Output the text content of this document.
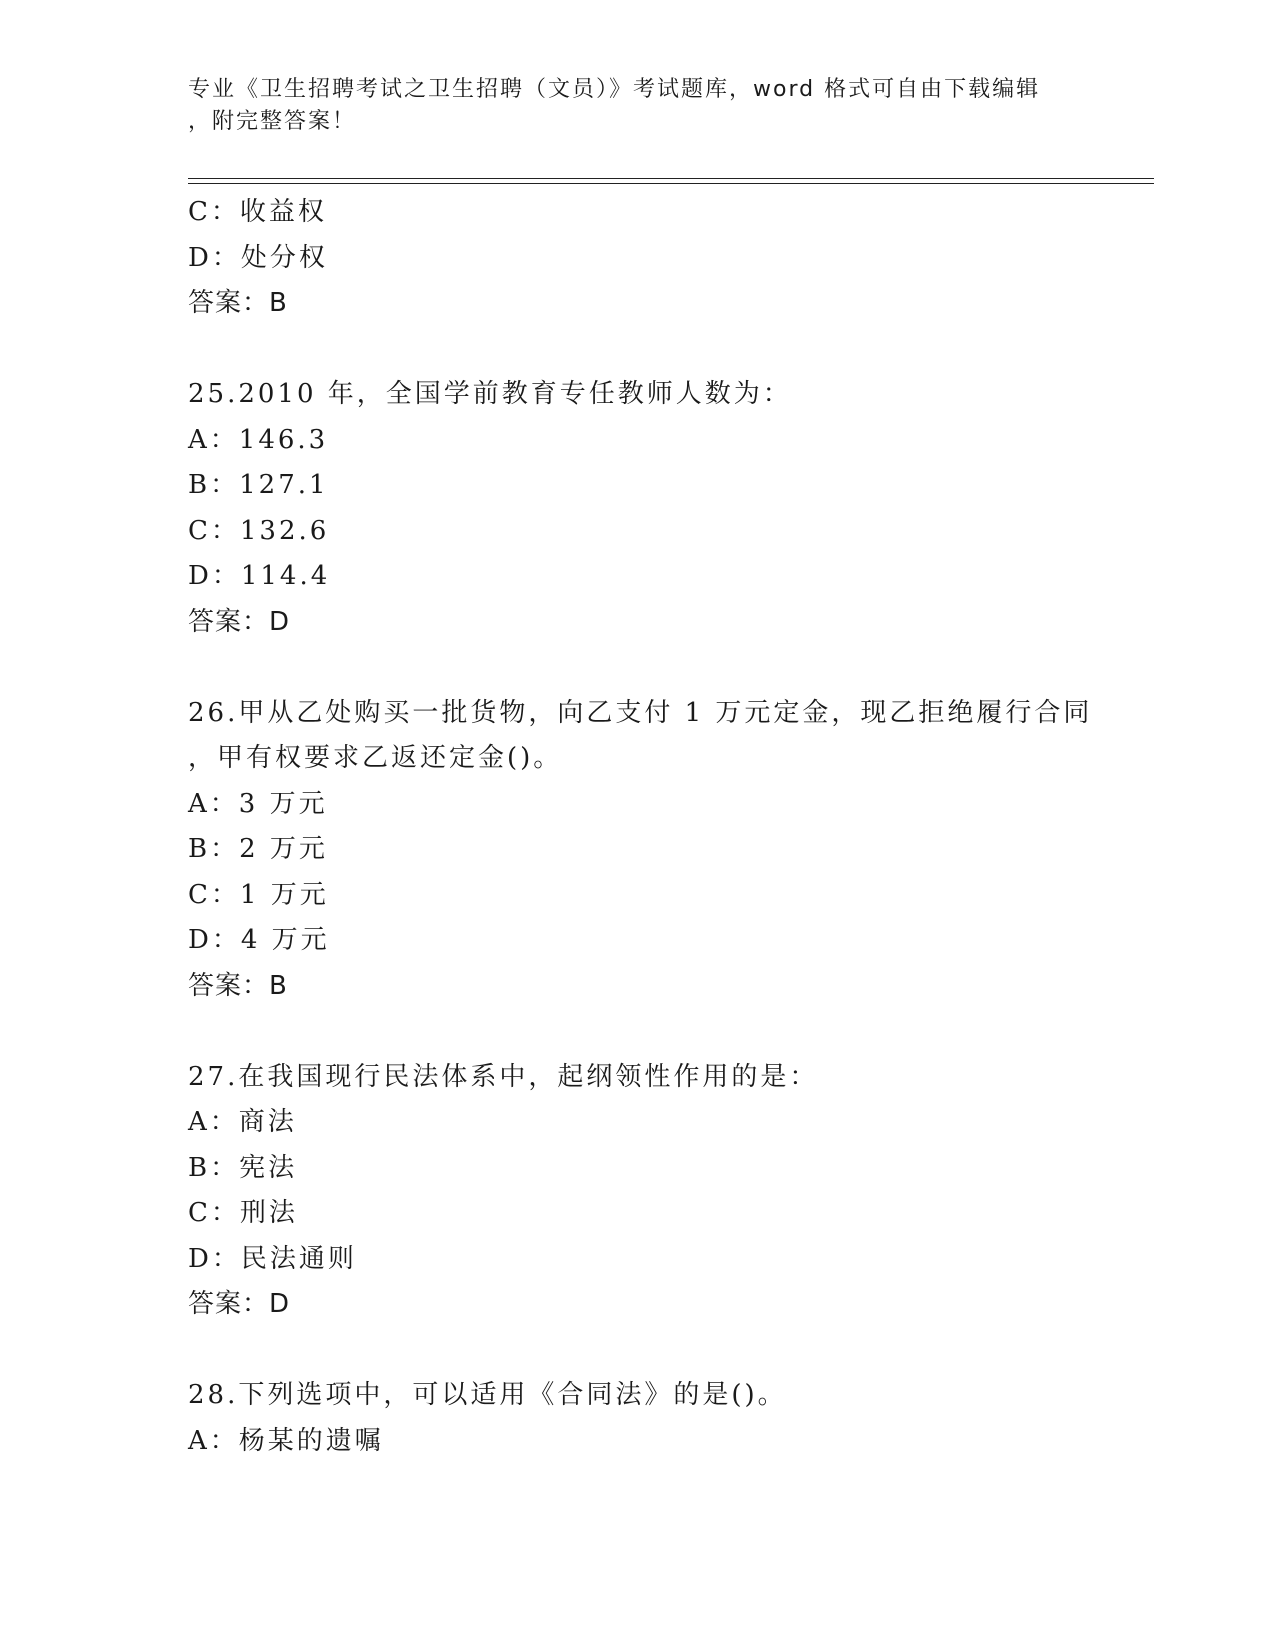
专业《卫生招聘考试之卫生招聘（文员）》考试题库，word 格式可自由下载编辑
，附完整答案！
C：收益权
D：处分权
答案：B
25.2010 年，全国学前教育专任教师人数为：
A：146.3
B：127.1
C：132.6
D：114.4
答案：D
26.甲从乙处购买一批货物，向乙支付 1 万元定金，现乙拒绝履行合同
，甲有权要求乙返还定金()。
A：3 万元
B：2 万元
C：1 万元
D：4 万元
答案：B
27.在我国现行民法体系中，起纲领性作用的是：
A：商法
B：宪法
C：刑法
D：民法通则
答案：D
28.下列选项中，可以适用《合同法》的是()。
A：杨某的遗嘱
